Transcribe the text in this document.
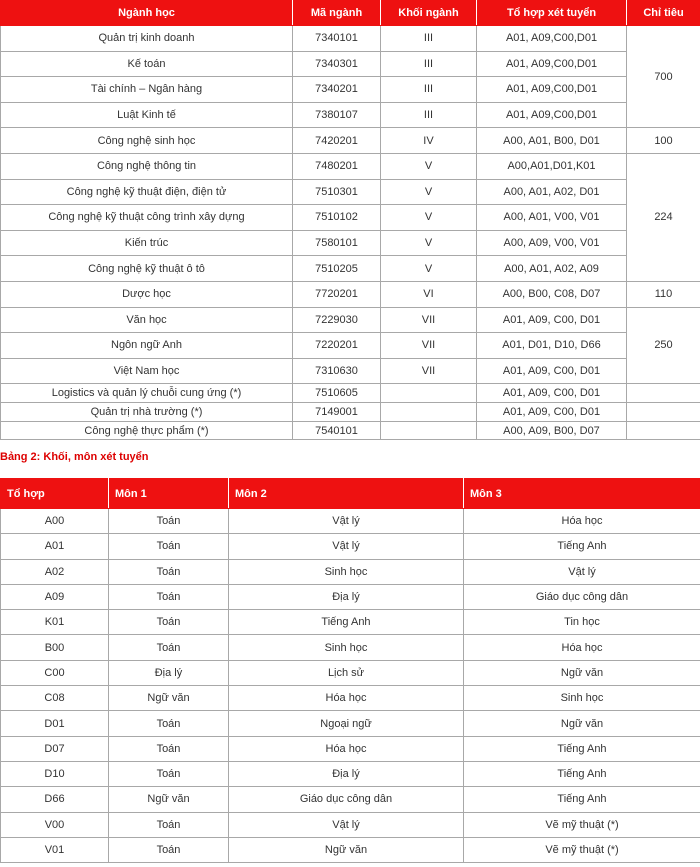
Ngành học	Mã ngành	Khối ngành	Tổ hợp xét tuyển	Chỉ tiêu
Quản trị kinh doanh	7340101	III	A01, A09,C00,D01	700
Kế toán	7340301	III	A01, A09,C00,D01	
Tài chính – Ngân hàng	7340201	III	A01, A09,C00,D01	
Luật Kinh tế	7380107	III	A01, A09,C00,D01	
Công nghệ sinh học	7420201	IV	A00, A01, B00, D01	100
Công nghệ thông tin	7480201	V	A00,A01,D01,K01	224
Công nghệ kỹ thuật điện, điện tử	7510301	V	A00, A01, A02, D01	
Công nghệ kỹ thuật công trình xây dựng	7510102	V	A00, A01, V00, V01	
Kiến trúc	7580101	V	A00, A09, V00, V01	
Công nghệ kỹ thuật ô tô	7510205	V	A00, A01, A02, A09	
Dược học	7720201	VI	A00, B00, C08, D07	110
Văn học	7229030	VII	A01, A09, C00, D01	250
Ngôn ngữ Anh	7220201	VII	A01, D01, D10, D66	
Việt Nam học	7310630	VII	A01, A09, C00, D01	
Logistics và quản lý chuỗi cung ứng (*)	7510605		A01, A09, C00, D01	
Quản trị nhà trường (*)	7149001		A01, A09, C00, D01	
Công nghệ thực phẩm (*)	7540101		A00, A09, B00, D07	
Bảng 2: Khối, môn xét tuyển
Tổ hợp	Môn 1	Môn 2	Môn 3
A00	Toán	Vật lý	Hóa học
A01	Toán	Vật lý	Tiếng Anh
A02	Toán	Sinh học	Vật lý
A09	Toán	Địa lý	Giáo dục công dân
K01	Toán	Tiếng Anh	Tin học
B00	Toán	Sinh học	Hóa học
C00	Địa lý	Lịch sử	Ngữ văn
C08	Ngữ văn	Hóa học	Sinh học
D01	Toán	Ngoại ngữ	Ngữ văn
D07	Toán	Hóa học	Tiếng Anh
D10	Toán	Địa lý	Tiếng Anh
D66	Ngữ văn	Giáo dục công dân	Tiếng Anh
V00	Toán	Vật lý	Vẽ mỹ thuật (*)
V01	Toán	Ngữ văn	Vẽ mỹ thuật (*)
